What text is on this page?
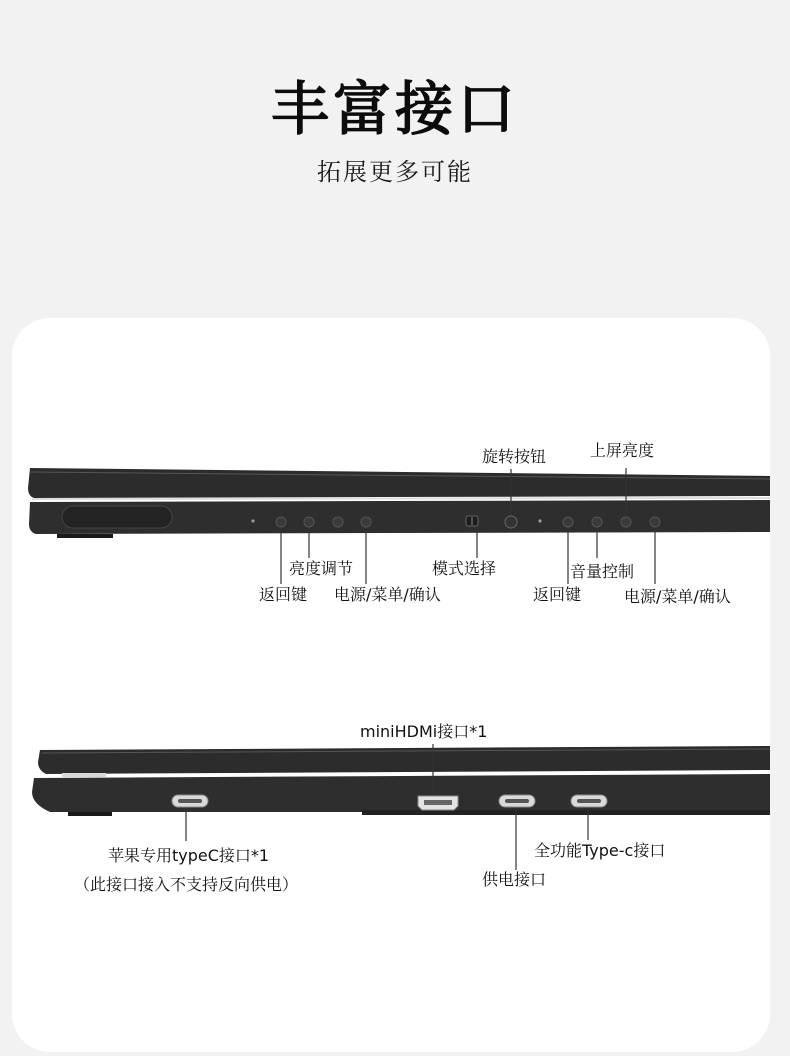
丰富接口
拓展更多可能
旋转按钮	上屏亮度
亮度调节
返回键 电源/菜单/确认
模式选择	音量控制
返回键	电源/菜单/确认
miniHDMi接口*1
苹果专用typeC接口*1
（此接口接入不支持反向供电）	供电接口
全功能Type-c接口
